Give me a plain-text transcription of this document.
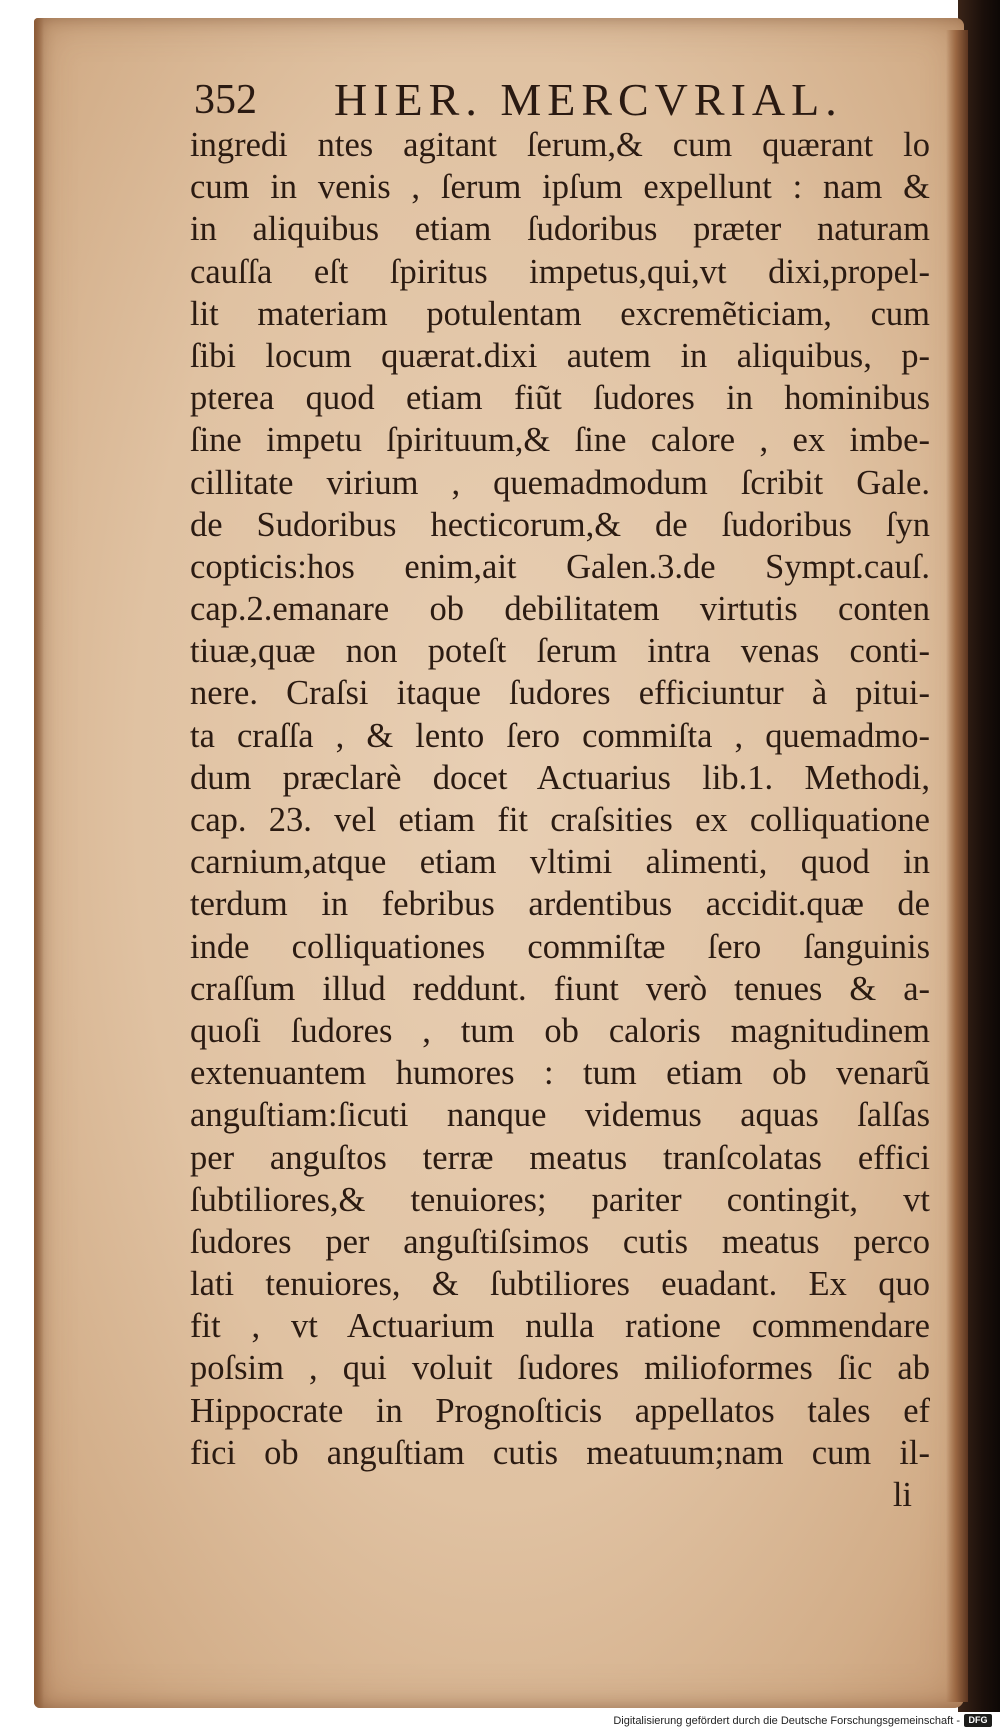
352 HIER. MERCVRIAL.
ingredi ntes agitant ſerum,& cum quærant lo
cum in venis , ſerum ipſum expellunt : nam &
in aliquibus etiam ſudoribus præter naturam
cauſſa eſt ſpiritus impetus,qui,vt dixi,propel-
lit materiam potulentam excremẽticiam, cum
ſibi locum quærat.dixi autem in aliquibus, p-
pterea quod etiam fiũt ſudores in hominibus
ſine impetu ſpirituum,& ſine calore , ex imbe-
cillitate virium , quemadmodum ſcribit Gale.
de Sudoribus hecticorum,& de ſudoribus ſyn
copticis:hos enim,ait Galen.3.de Sympt.cauſ.
cap.2.emanare ob debilitatem virtutis conten
tiuæ,quæ non poteſt ſerum intra venas conti-
nere. Craſsi itaque ſudores efficiuntur à pitui-
ta craſſa , & lento ſero commiſta , quemadmo-
dum præclarè docet Actuarius lib.1. Methodi,
cap. 23. vel etiam fit craſsities ex colliquatione
carnium,atque etiam vltimi alimenti, quod in
terdum in febribus ardentibus accidit.quæ de
inde colliquationes commiſtæ ſero ſanguinis
craſſum illud reddunt. fiunt verò tenues & a-
quoſi ſudores , tum ob caloris magnitudinem
extenuantem humores : tum etiam ob venarũ
anguſtiam:ſicuti nanque videmus aquas ſalſas
per anguſtos terræ meatus tranſcolatas effici
ſubtiliores,& tenuiores; pariter contingit, vt
ſudores per anguſtiſsimos cutis meatus perco
lati tenuiores, & ſubtiliores euadant. Ex quo
fit , vt Actuarium nulla ratione commendare
poſsim , qui voluit ſudores milioformes ſic ab
Hippocrate in Prognoſticis appellatos tales ef
fici ob anguſtiam cutis meatuum;nam cum il-
li
Digitalisierung gefördert durch die Deutsche Forschungsgemeinschaft - DFG
